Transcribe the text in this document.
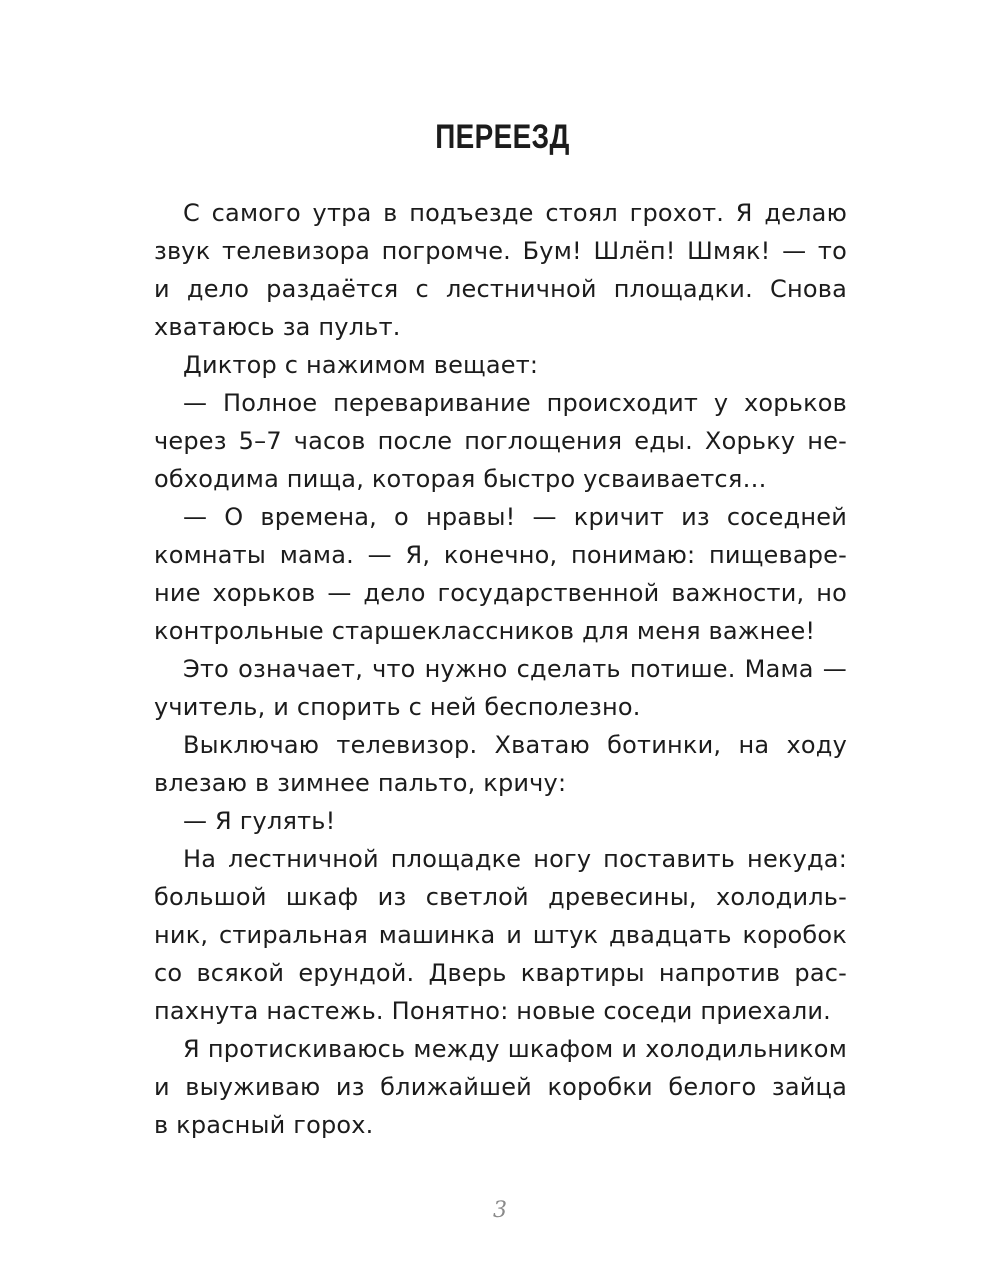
ПЕРЕЕЗД
С самого утра в подъезде стоял грохот. Я делаю
звук телевизора погромче. Бум! Шлёп! Шмяк! — то
и дело раздаётся с лестничной площадки. Снова
хватаюсь за пульт.
Диктор с нажимом вещает:
— Полное переваривание происходит у хорьков
через 5–7 часов после поглощения еды. Хорьку не-
обходима пища, которая быстро усваивается…
— О времена, о нравы! — кричит из соседней
комнаты мама. — Я, конечно, понимаю: пищеваре-
ние хорьков — дело государственной важности, но
контрольные старшеклассников для меня важнее!
Это означает, что нужно сделать потише. Мама —
учитель, и спорить с ней бесполезно.
Выключаю телевизор. Хватаю ботинки, на ходу
влезаю в зимнее пальто, кричу:
— Я гулять!
На лестничной площадке ногу поставить некуда:
большой шкаф из светлой древесины, холодиль-
ник, стиральная машинка и штук двадцать коробок
со всякой ерундой. Дверь квартиры напротив рас-
пахнута настежь. Понятно: новые соседи приехали.
Я протискиваюсь между шкафом и холодильником
и выуживаю из ближайшей коробки белого зайца
в красный горох.
3
